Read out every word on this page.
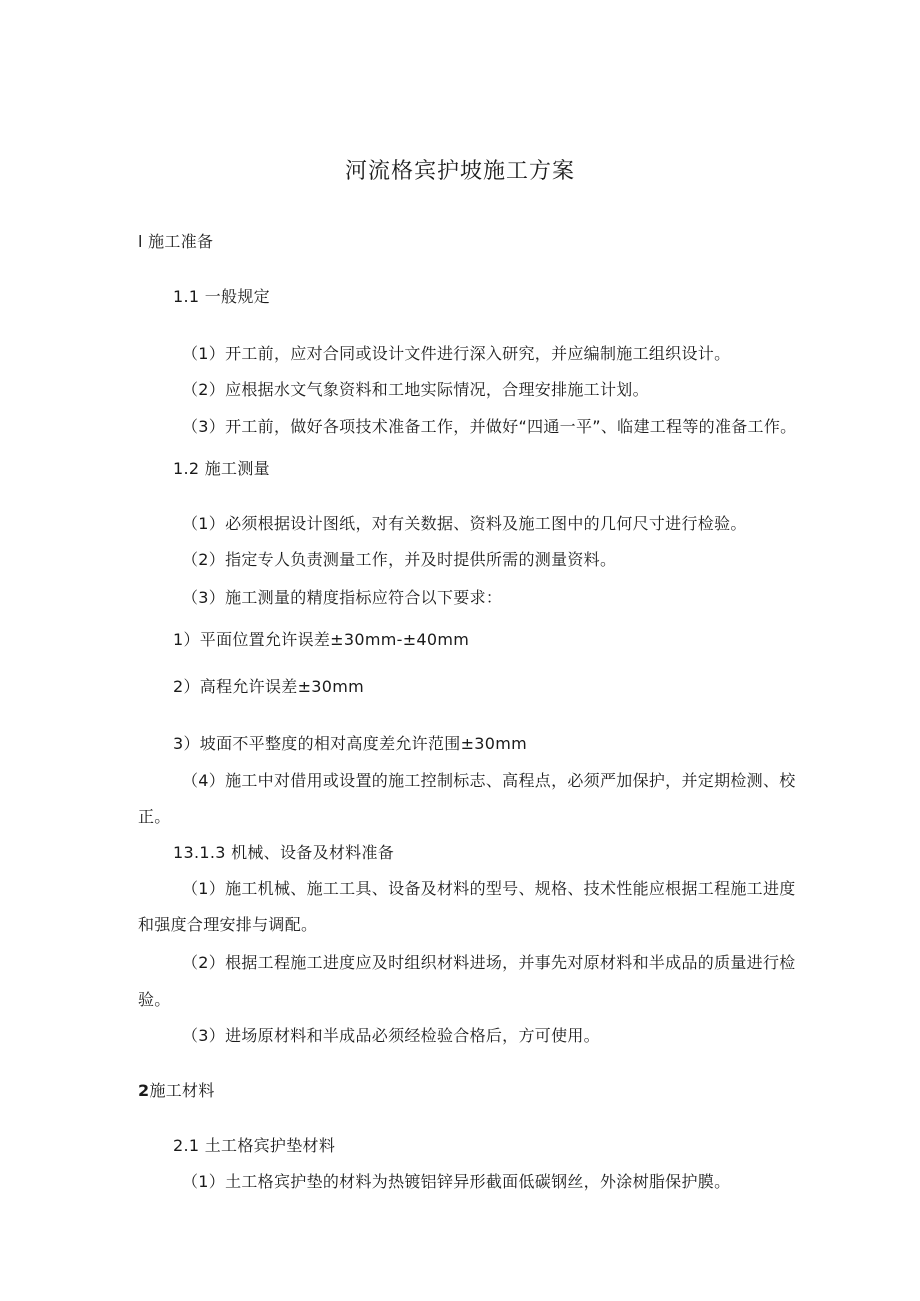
河流格宾护坡施工方案
l 施工准备
1.1 一般规定
（1）开工前，应对合同或设计文件进行深入研究，并应编制施工组织设计。
（2）应根据水文气象资料和工地实际情况，合理安排施工计划。
（3）开工前，做好各项技术准备工作，并做好“四通一平”、临建工程等的准备工作。
1.2 施工测量
（1）必须根据设计图纸，对有关数据、资料及施工图中的几何尺寸进行检验。
（2）指定专人负责测量工作，并及时提供所需的测量资料。
（3）施工测量的精度指标应符合以下要求：
1）平面位置允许误差±30mm-±40mm
2）高程允许误差±30mm
3）坡面不平整度的相对高度差允许范围±30mm
（4）施工中对借用或设置的施工控制标志、高程点，必须严加保护，并定期检测、校
正。
13.1.3 机械、设备及材料准备
（1）施工机械、施工工具、设备及材料的型号、规格、技术性能应根据工程施工进度
和强度合理安排与调配。
（2）根据工程施工进度应及时组织材料进场，并事先对原材料和半成品的质量进行检
验。
（3）进场原材料和半成品必须经检验合格后，方可使用。
2施工材料
2.1 土工格宾护垫材料
（1）土工格宾护垫的材料为热镀铝锌异形截面低碳钢丝，外涂树脂保护膜。
